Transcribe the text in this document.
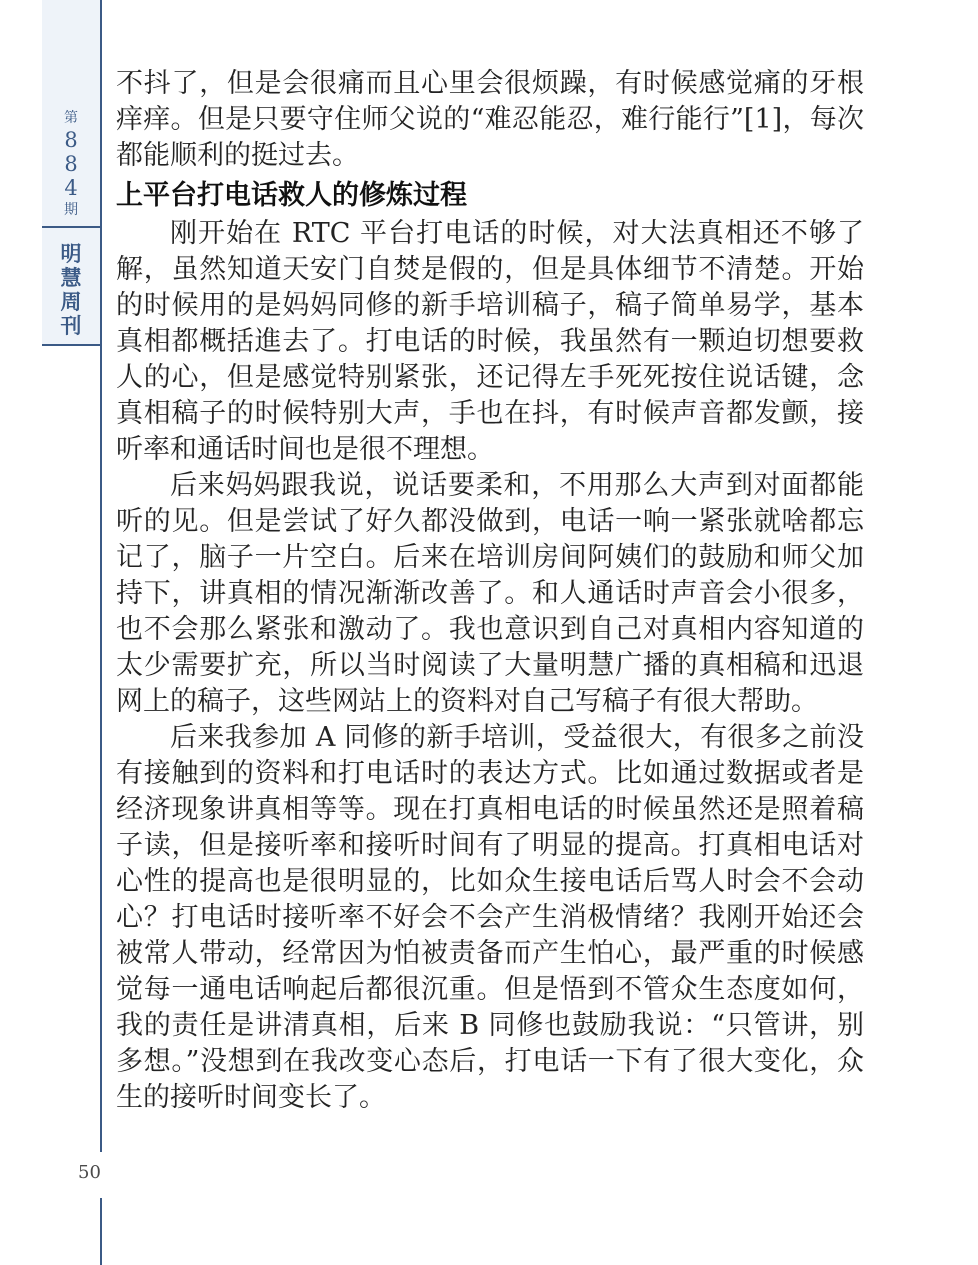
第
8
8
4
期
明
慧
周
刊

不抖了，但是会很痛而且心里会很烦躁，有时候感觉痛的牙根痒痒。但是只要守住师父说的“难忍能忍，难行能行”[1]，每次都能顺利的挺过去。

上平台打电话救人的修炼过程

刚开始在 RTC 平台打电话的时候，对大法真相还不够了解，虽然知道天安门自焚是假的，但是具体细节不清楚。开始的时候用的是妈妈同修的新手培训稿子，稿子简单易学，基本真相都概括進去了。打电话的时候，我虽然有一颗迫切想要救人的心，但是感觉特别紧张，还记得左手死死按住说话键，念真相稿子的时候特别大声，手也在抖，有时候声音都发颤，接听率和通话时间也是很不理想。

后来妈妈跟我说，说话要柔和，不用那么大声到对面都能听的见。但是尝试了好久都没做到，电话一响一紧张就啥都忘记了，脑子一片空白。后来在培训房间阿姨们的鼓励和师父加持下，讲真相的情况渐渐改善了。和人通话时声音会小很多，也不会那么紧张和激动了。我也意识到自己对真相内容知道的太少需要扩充，所以当时阅读了大量明慧广播的真相稿和迅退网上的稿子，这些网站上的资料对自己写稿子有很大帮助。

后来我参加 A 同修的新手培训，受益很大，有很多之前没有接触到的资料和打电话时的表达方式。比如通过数据或者是经济现象讲真相等等。现在打真相电话的时候虽然还是照着稿子读，但是接听率和接听时间有了明显的提高。打真相电话对心性的提高也是很明显的，比如众生接电话后骂人时会不会动心？打电话时接听率不好会不会产生消极情绪？我刚开始还会被常人带动，经常因为怕被责备而产生怕心，最严重的时候感觉每一通电话响起后都很沉重。但是悟到不管众生态度如何，我的责任是讲清真相，后来 B 同修也鼓励我说：“只管讲，别多想。”没想到在我改变心态后，打电话一下有了很大变化，众生的接听时间变长了。

50
